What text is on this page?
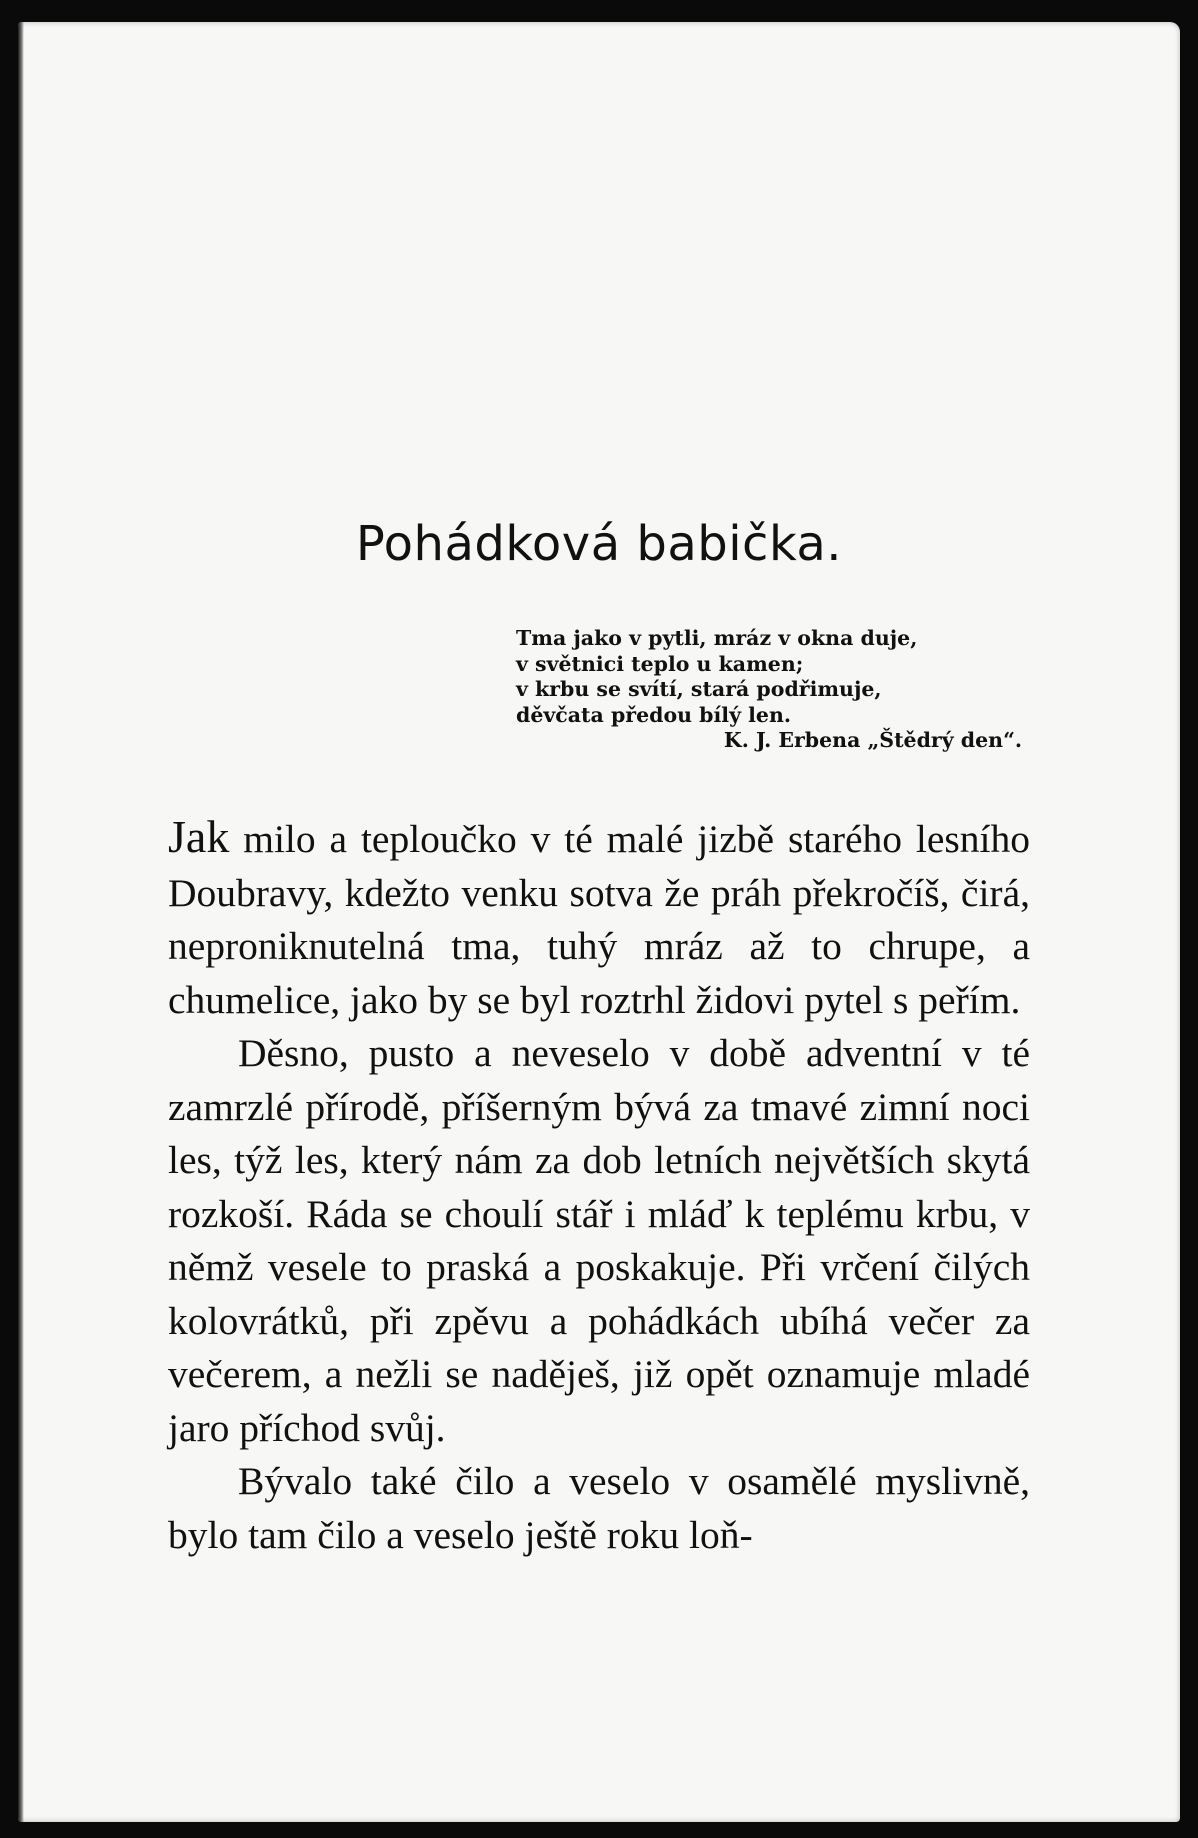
Pohádková babička.
Tma jako v pytli, mráz v okna duje,
v světnici teplo u kamen;
v krbu se svítí, stará podřimuje,
děvčata předou bílý len.
K. J. Erbena „Štědrý den“.

Jak milo a teploučko v té malé jizbě starého lesního Doubravy, kdežto venku sotva že práh překročíš, čirá, neproniknutelná tma, tuhý mráz až to chrupe, a chumelice, jako by se byl roztrhl židovi pytel s peřím.

Děsno, pusto a neveselo v době adventní v té zamrzlé přírodě, příšerným bývá za tmavé zimní noci les, týž les, který nám za dob letních největších skytá rozkoší. Ráda se choulí stář i mláď k teplému krbu, v němž vesele to praská a poskakuje. Při vrčení čilých kolovrátků, při zpěvu a pohádkách ubíhá večer za večerem, a nežli se naděješ, již opět oznamuje mladé jaro příchod svůj.

Bývalo také čilo a veselo v osamělé myslivně, bylo tam čilo a veselo ještě roku loň-
